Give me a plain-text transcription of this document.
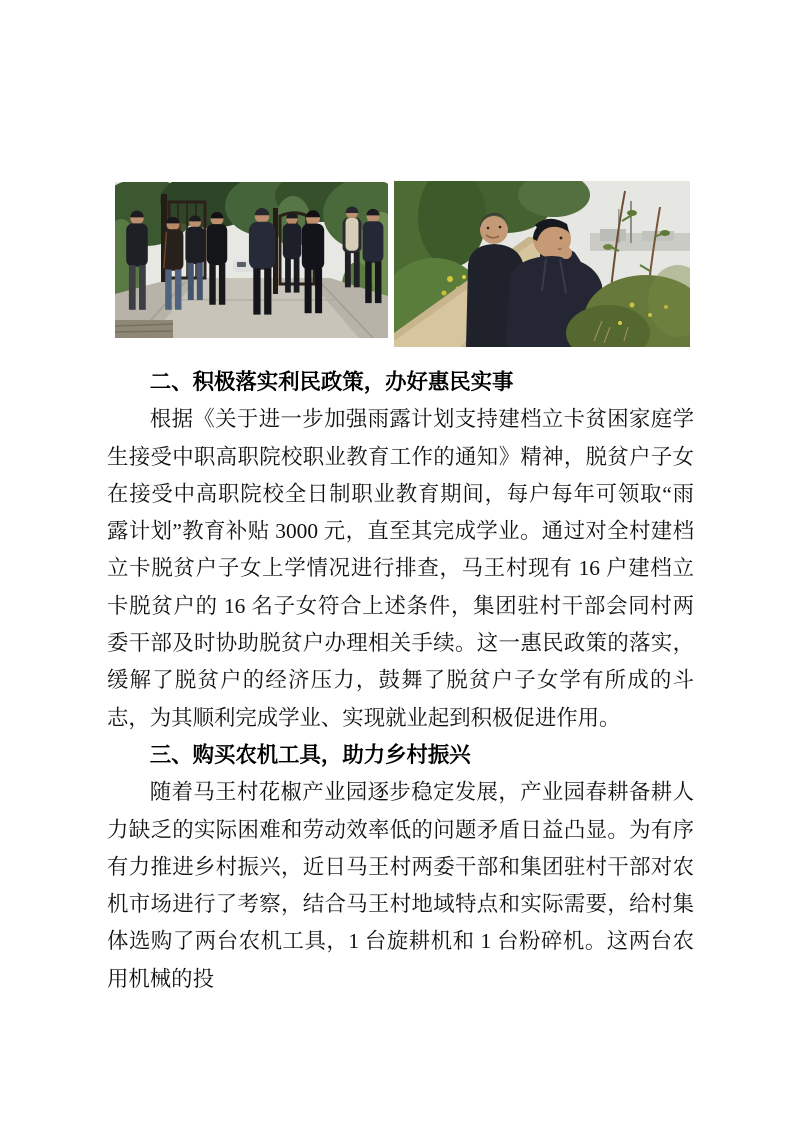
二、积极落实利民政策，办好惠民实事

根据《关于进一步加强雨露计划支持建档立卡贫困家庭学生接受中职高职院校职业教育工作的通知》精神，脱贫户子女在接受中高职院校全日制职业教育期间，每户每年可领取“雨露计划”教育补贴 3000 元，直至其完成学业。通过对全村建档立卡脱贫户子女上学情况进行排查，马王村现有 16 户建档立卡脱贫户的 16 名子女符合上述条件，集团驻村干部会同村两委干部及时协助脱贫户办理相关手续。这一惠民政策的落实，缓解了脱贫户的经济压力，鼓舞了脱贫户子女学有所成的斗志，为其顺利完成学业、实现就业起到积极促进作用。

三、购买农机工具，助力乡村振兴

随着马王村花椒产业园逐步稳定发展，产业园春耕备耕人力缺乏的实际困难和劳动效率低的问题矛盾日益凸显。为有序有力推进乡村振兴，近日马王村两委干部和集团驻村干部对农机市场进行了考察，结合马王村地域特点和实际需要，给村集体选购了两台农机工具，1 台旋耕机和 1 台粉碎机。这两台农用机械的投
